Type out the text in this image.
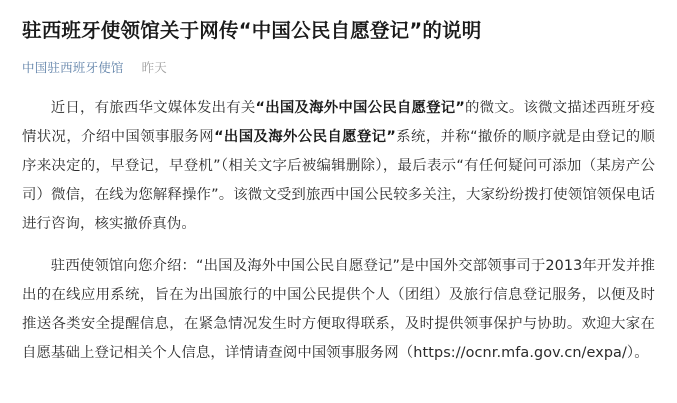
驻西班牙使领馆关于网传“中国公民自愿登记”的说明
中国驻西班牙使馆 昨天

近日，有旅西华文媒体发出有关“出国及海外中国公民自愿登记”的微文。该微文描述西班牙疫情状况，介绍中国领事服务网“出国及海外公民自愿登记”系统，并称“撤侨的顺序就是由登记的顺序来决定的，早登记，早登机”（相关文字后被编辑删除），最后表示“有任何疑问可添加（某房产公司）微信，在线为您解释操作”。该微文受到旅西中国公民较多关注，大家纷纷拨打使领馆领保电话进行咨询，核实撤侨真伪。

驻西使领馆向您介绍：“出国及海外中国公民自愿登记”是中国外交部领事司于2013年开发并推出的在线应用系统，旨在为出国旅行的中国公民提供个人（团组）及旅行信息登记服务，以便及时推送各类安全提醒信息，在紧急情况发生时方便取得联系，及时提供领事保护与协助。欢迎大家在自愿基础上登记相关个人信息，详情请查阅中国领事服务网（https://ocnr.mfa.gov.cn/expa/）。
